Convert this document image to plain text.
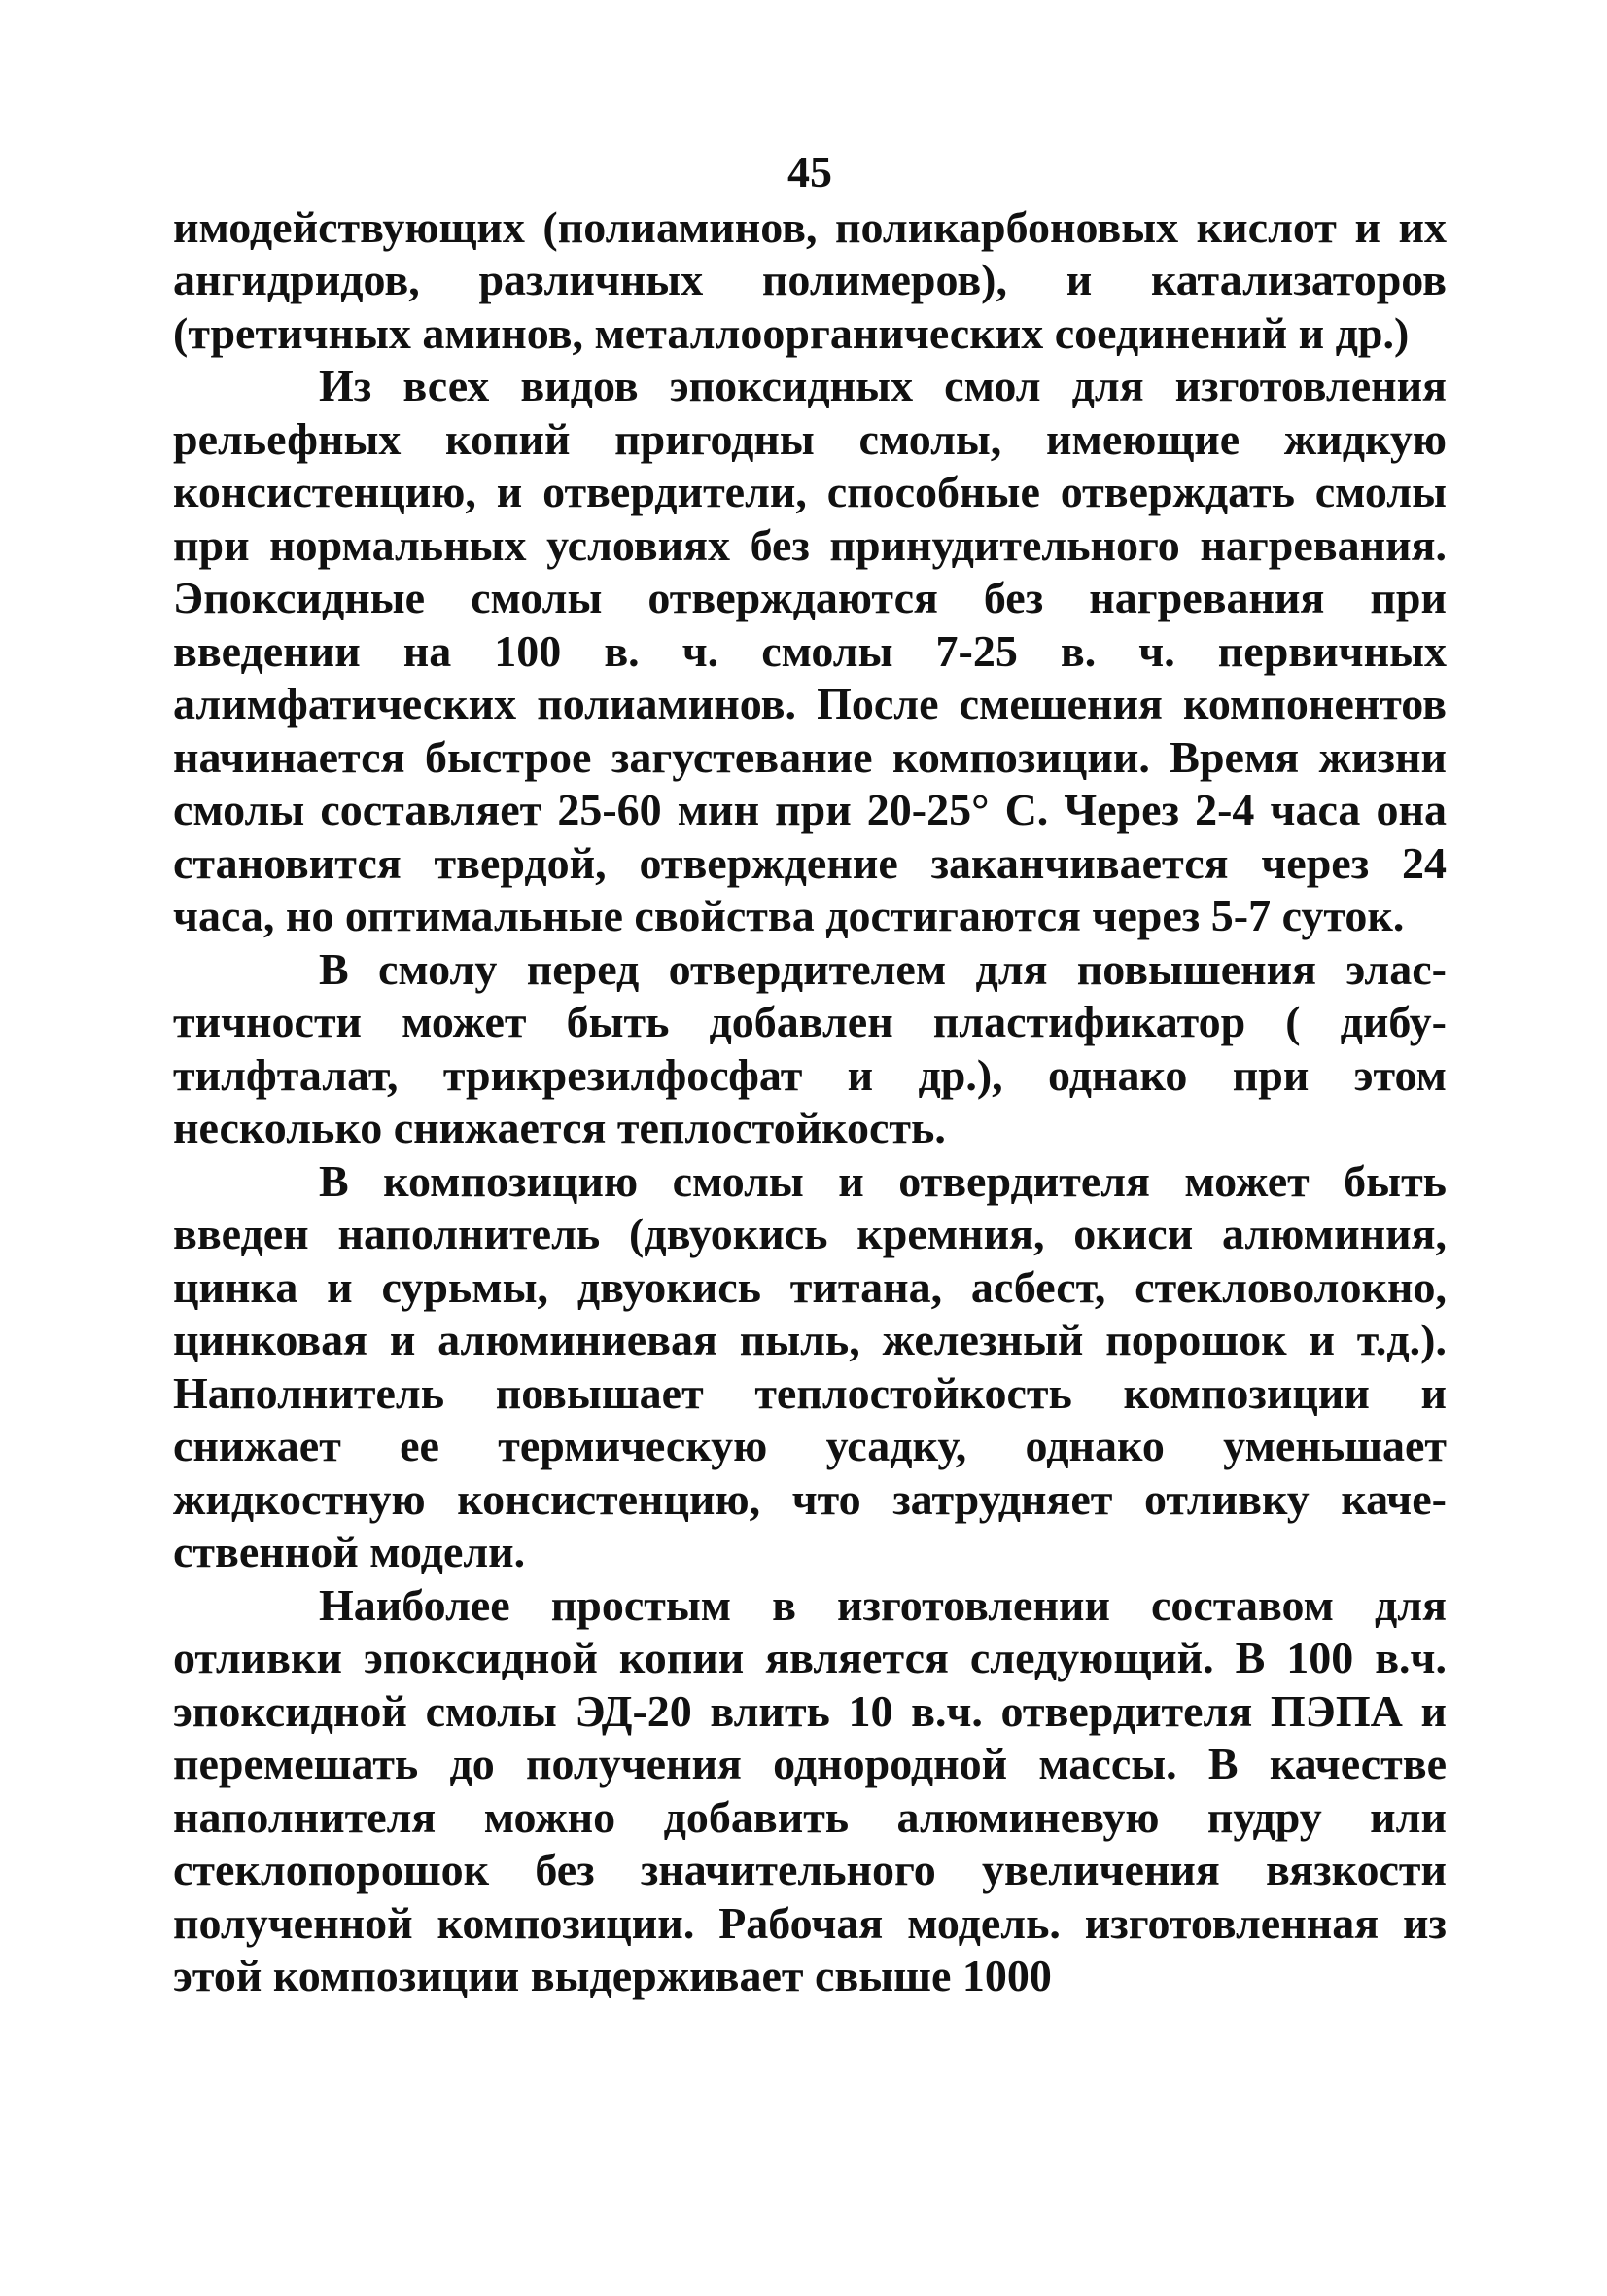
45

имодействующих (полиаминов, поликарбоновых кислот и их ангидридов, различных полимеров), и катализаторов (третичных аминов, металлоорганических соединений и др.)

Из всех видов эпоксидных смол для изготовления рельефных копий пригодны смолы, имеющие жидкую консистенцию, и отвердители, способные отверждать смолы при нормальных условиях без принудительного нагревания. Эпоксидные смолы отверждаются без нагревания при введении на 100 в. ч. смолы 7-25 в. ч. первичных алимфатических полиаминов. После смешения компонентов начинается быстрое загустевание композиции. Время жизни смолы составляет 25-60 мин при 20-25° С. Через 2-4 часа она становится твердой, отверждение заканчивается через 24 часа, но оптимальные свойства достигаются через 5-7 суток.

В смолу перед отвердителем для повышения эластичности может быть добавлен пластификатор ( дибутилфталат, трикрезилфосфат и др.), однако при этом несколько снижается теплостойкость.

В композицию смолы и отвердителя может быть введен наполнитель (двуокись кремния, окиси алюминия, цинка и сурьмы, двуокись титана, асбест, стекловолокно, цинковая и алюминиевая пыль, железный порошок и т.д.). Наполнитель повышает теплостойкость композиции и снижает ее термическую усадку, однако уменьшает жидкостную консистенцию, что затрудняет отливку качественной модели.

Наиболее простым в изготовлении составом для отливки эпоксидной копии является следующий. В 100 в.ч. эпоксидной смолы ЭД-20 влить 10 в.ч. отвердителя ПЭПА и перемешать до получения однородной массы. В качестве наполнителя можно добавить алюминевую пудру или стеклопорошок без значительного увеличения вязкости полученной композиции. Рабочая модель. изготовленная из этой композиции выдерживает свыше 1000
